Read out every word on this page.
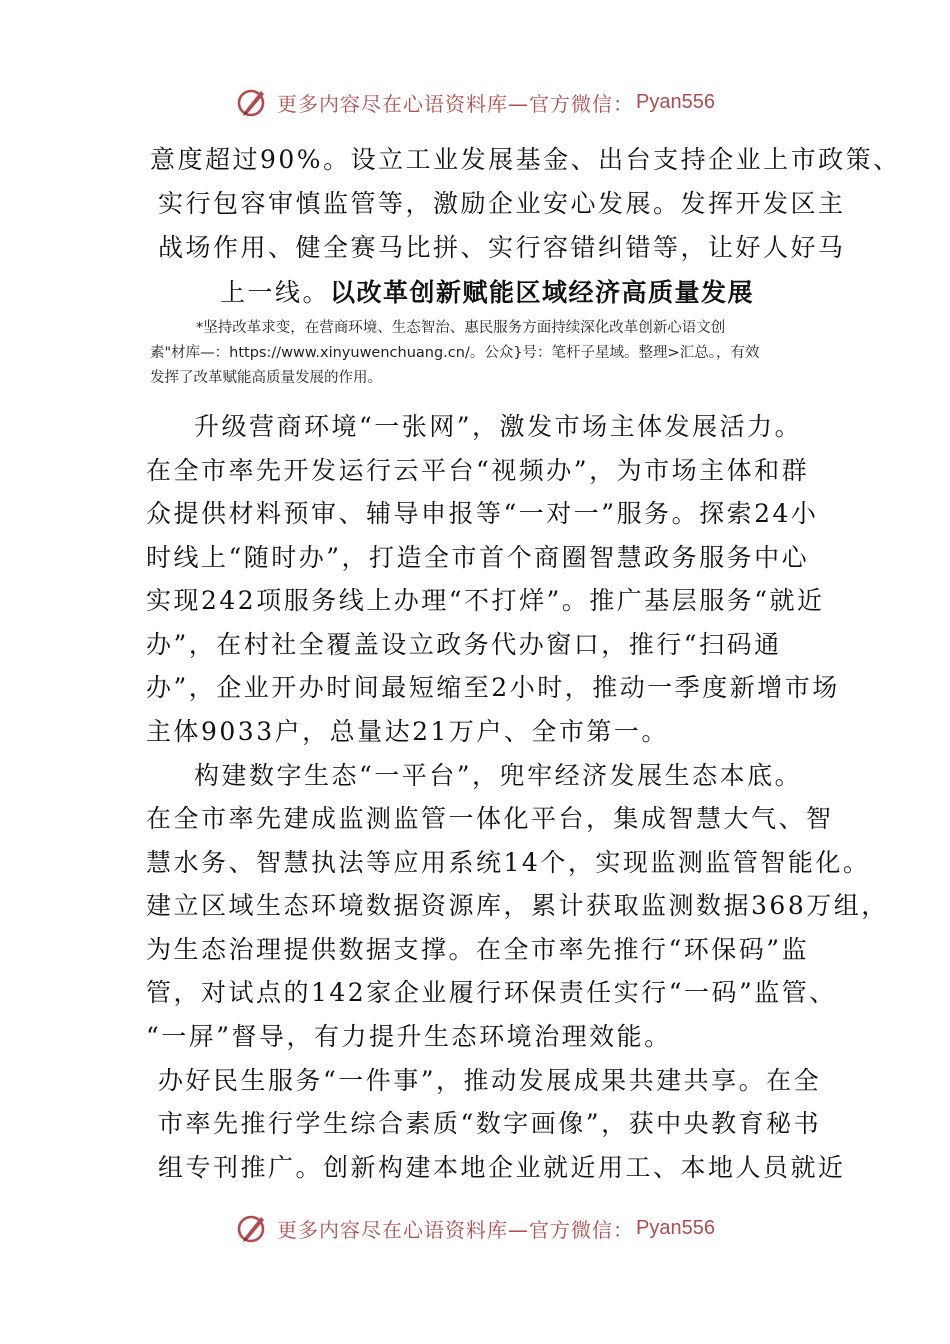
更多内容尽在心语资料库—官方微信： Pyan556
意度超过90%。设立工业发展基金、出台支持企业上市政策、
实行包容审慎监管等，激励企业安心发展。发挥开发区主
战场作用、健全赛马比拼、实行容错纠错等，让好人好马
上一线。以改革创新赋能区域经济高质量发展

*坚持改革求变，在营商环境、生态智治、惠民服务方面持续深化改革创新心语文创

素"材库—：https://www.xinyuwenchuang.cn/。公众}号：笔杆子星域。整理>汇总。，有效

发挥了改革赋能高质量发展的作用。

升级营商环境“一张网”，激发市场主体发展活力。
在全市率先开发运行云平台“视频办”，为市场主体和群
众提供材料预审、辅导申报等“一对一”服务。探索24小
时线上“随时办”，打造全市首个商圈智慧政务服务中心
实现242项服务线上办理“不打烊”。推广基层服务“就近
办”，在村社全覆盖设立政务代办窗口，推行“扫码通
办”，企业开办时间最短缩至2小时，推动一季度新增市场
主体9033户，总量达21万户、全市第一。
构建数字生态“一平台”，兜牢经济发展生态本底。
在全市率先建成监测监管一体化平台，集成智慧大气、智
慧水务、智慧执法等应用系统14个，实现监测监管智能化。
建立区域生态环境数据资源库，累计获取监测数据368万组，
为生态治理提供数据支撑。在全市率先推行“环保码”监
管，对试点的142家企业履行环保责任实行“一码”监管、
“一屏”督导，有力提升生态环境治理效能。
办好民生服务“一件事”，推动发展成果共建共享。在全
市率先推行学生综合素质“数字画像”，获中央教育秘书
组专刊推广。创新构建本地企业就近用工、本地人员就近
更多内容尽在心语资料库—官方微信： Pyan556
